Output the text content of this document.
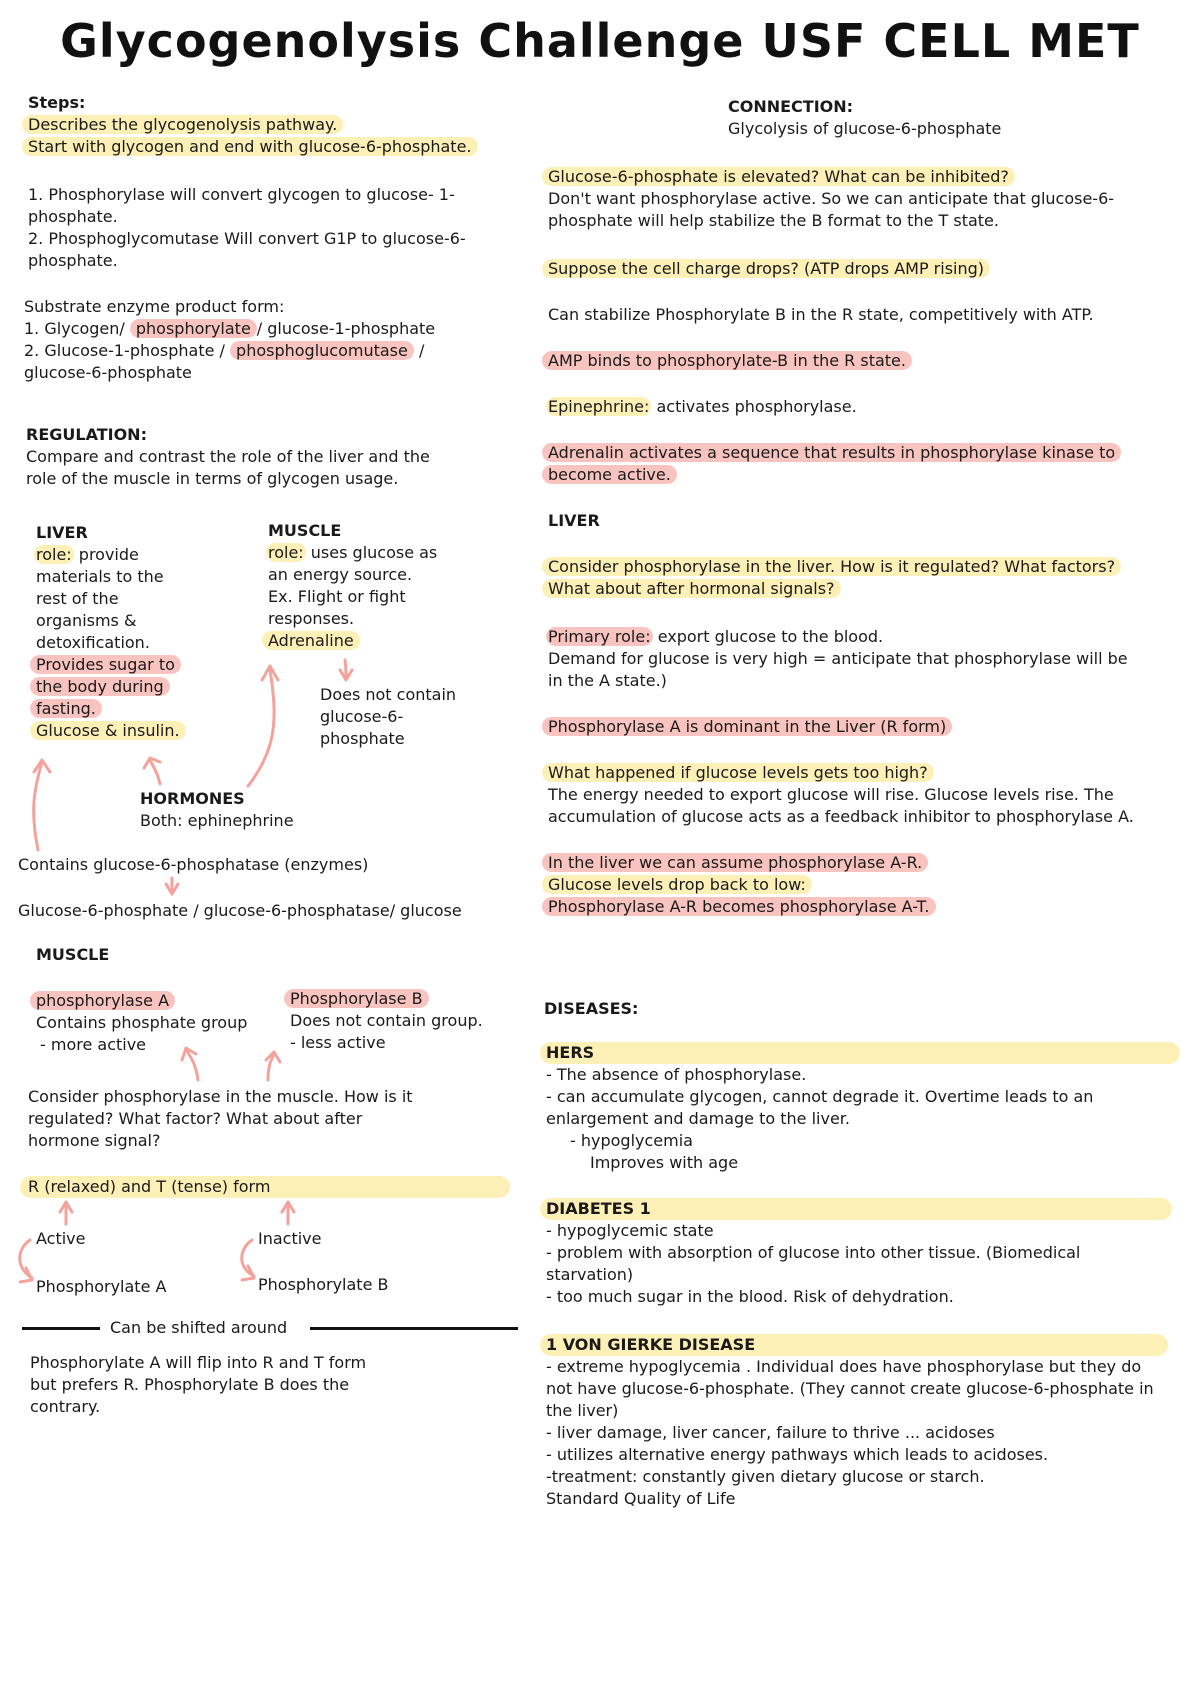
Glycogenolysis Challenge USF CELL MET
Steps:
Describes the glycogenolysis pathway.
Start with glycogen and end with glucose-6-phosphate.
1. Phosphorylase will convert glycogen to glucose- 1-
phosphate.
2. Phosphoglycomutase Will convert G1P to glucose-6-
phosphate.
Substrate enzyme product form:
1. Glycogen/ phosphorylate / glucose-1-phosphate
2. Glucose-1-phosphate / phosphoglucomutase /
glucose-6-phosphate
REGULATION:
Compare and contrast the role of the liver and the
role of the muscle in terms of glycogen usage.
LIVER
role: provide
materials to the
rest of the
organisms &
detoxification.
Provides sugar to
the body during
fasting.
Glucose & insulin.
MUSCLE
role: uses glucose as
an energy source.
Ex. Flight or fight
responses.
Adrenaline
Does not contain
glucose-6-
phosphate
HORMONES
Both: ephinephrine
Contains glucose-6-phosphatase (enzymes)
Glucose-6-phosphate / glucose-6-phosphatase/ glucose
MUSCLE
phosphorylase A
Contains phosphate group
- more active
Phosphorylase B
Does not contain group.
- less active
Consider phosphorylase in the muscle. How is it
regulated? What factor? What about after
hormone signal?
R (relaxed) and T (tense) form
Active	Inactive
Phosphorylate A	Phosphorylate B
Can be shifted around
Phosphorylate A will flip into R and T form
but prefers R. Phosphorylate B does the
contrary.
CONNECTION:
Glycolysis of glucose-6-phosphate
Glucose-6-phosphate is elevated? What can be inhibited?
Don't want phosphorylase active. So we can anticipate that glucose-6-
phosphate will help stabilize the B format to the T state.
Suppose the cell charge drops? (ATP drops AMP rising)
Can stabilize Phosphorylate B in the R state, competitively with ATP.
AMP binds to phosphorylate-B in the R state.
Epinephrine: activates phosphorylase.
Adrenalin activates a sequence that results in phosphorylase kinase to
become active.
LIVER
Consider phosphorylase in the liver. How is it regulated? What factors?
What about after hormonal signals?
Primary role: export glucose to the blood.
Demand for glucose is very high = anticipate that phosphorylase will be
in the A state.)
Phosphorylase A is dominant in the Liver (R form)
What happened if glucose levels gets too high?
The energy needed to export glucose will rise. Glucose levels rise. The
accumulation of glucose acts as a feedback inhibitor to phosphorylase A.
In the liver we can assume phosphorylase A-R.
Glucose levels drop back to low:
Phosphorylase A-R becomes phosphorylase A-T.
DISEASES:
HERS
- The absence of phosphorylase.
- can accumulate glycogen, cannot degrade it. Overtime leads to an
enlargement and damage to the liver.
- hypoglycemia
Improves with age
DIABETES 1
- hypoglycemic state
- problem with absorption of glucose into other tissue. (Biomedical
starvation)
- too much sugar in the blood. Risk of dehydration.
1 VON GIERKE DISEASE
- extreme hypoglycemia . Individual does have phosphorylase but they do
not have glucose-6-phosphate. (They cannot create glucose-6-phosphate in
the liver)
- liver damage, liver cancer, failure to thrive ... acidoses
- utilizes alternative energy pathways which leads to acidoses.
-treatment: constantly given dietary glucose or starch.
Standard Quality of Life
